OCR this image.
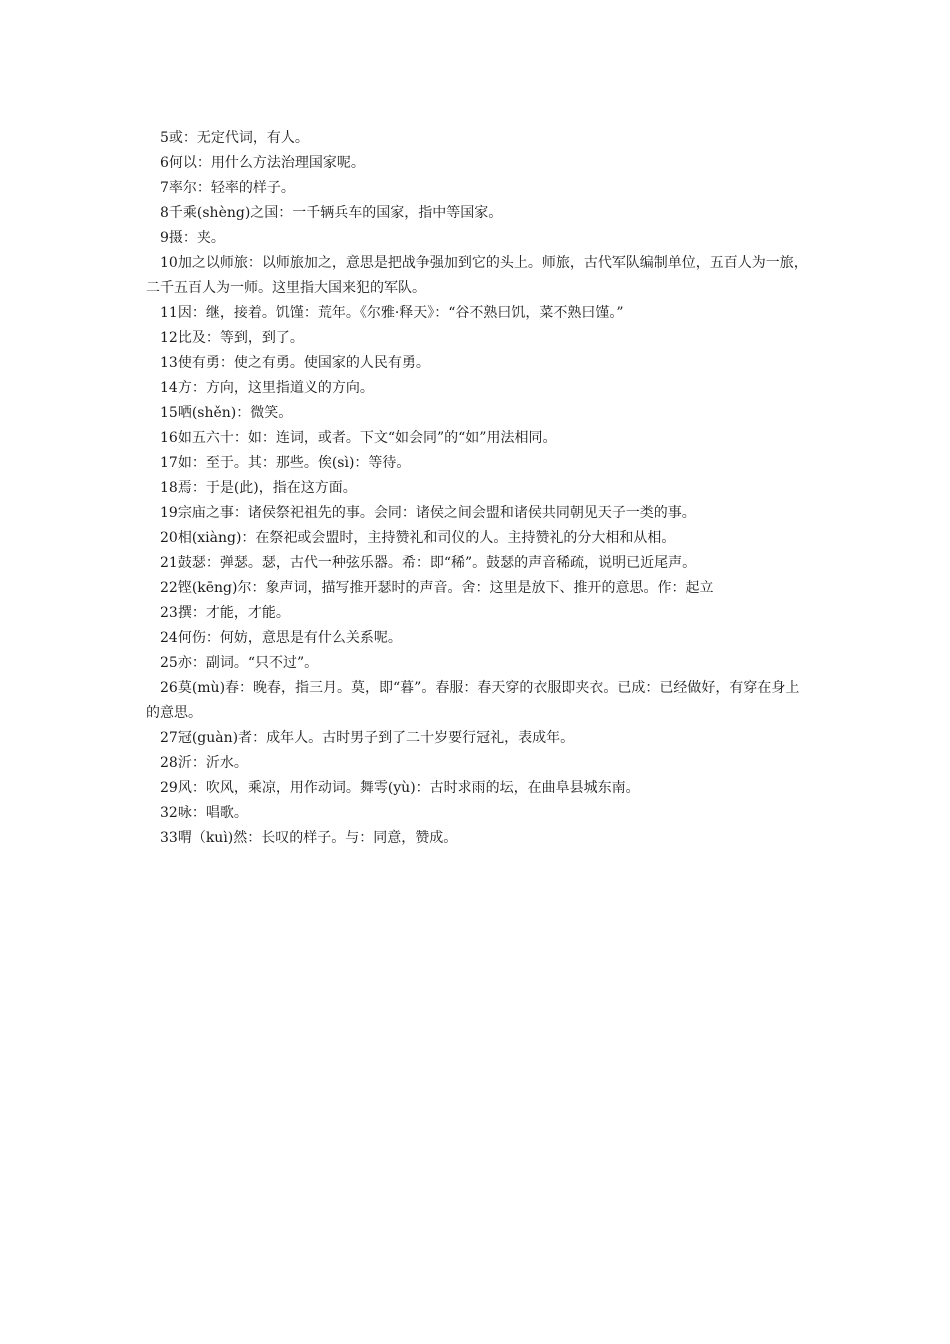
5或：无定代词，有人。
6何以：用什么方法治理国家呢。
7率尔：轻率的样子。
8千乘(shèng)之国：一千辆兵车的国家，指中等国家。
9摄：夹。
10加之以师旅：以师旅加之，意思是把战争强加到它的头上。师旅，古代军队编制单位，五百人为一旅，二千五百人为一师。这里指大国来犯的军队。
11因：继，接着。饥馑：荒年。《尔雅·释天》：“谷不熟曰饥，菜不熟曰馑。”
12比及：等到，到了。
13使有勇：使之有勇。使国家的人民有勇。
14方：方向，这里指道义的方向。
15哂(shěn)：微笑。
16如五六十：如：连词，或者。下文“如会同”的“如”用法相同。
17如：至于。其：那些。俟(sì)：等待。
18焉：于是(此)，指在这方面。
19宗庙之事：诸侯祭祀祖先的事。会同：诸侯之间会盟和诸侯共同朝见天子一类的事。
20相(xiàng)：在祭祀或会盟时，主持赞礼和司仪的人。主持赞礼的分大相和从相。
21鼓瑟：弹瑟。瑟，古代一种弦乐器。希：即“稀”。鼓瑟的声音稀疏，说明已近尾声。
22铿(kēng)尔：象声词，描写推开瑟时的声音。舍：这里是放下、推开的意思。作：起立
23撰：才能，才能。
24何伤：何妨，意思是有什么关系呢。
25亦：副词。“只不过”。
26莫(mù)春：晚春，指三月。莫，即“暮”。春服：春天穿的衣服即夹衣。已成：已经做好，有穿在身上的意思。
27冠(guàn)者：成年人。古时男子到了二十岁要行冠礼，表成年。
28沂：沂水。
29风：吹风，乘凉，用作动词。舞雩(yù)：古时求雨的坛，在曲阜县城东南。
32咏：唱歌。
33喟（kuì)然：长叹的样子。与：同意，赞成。
